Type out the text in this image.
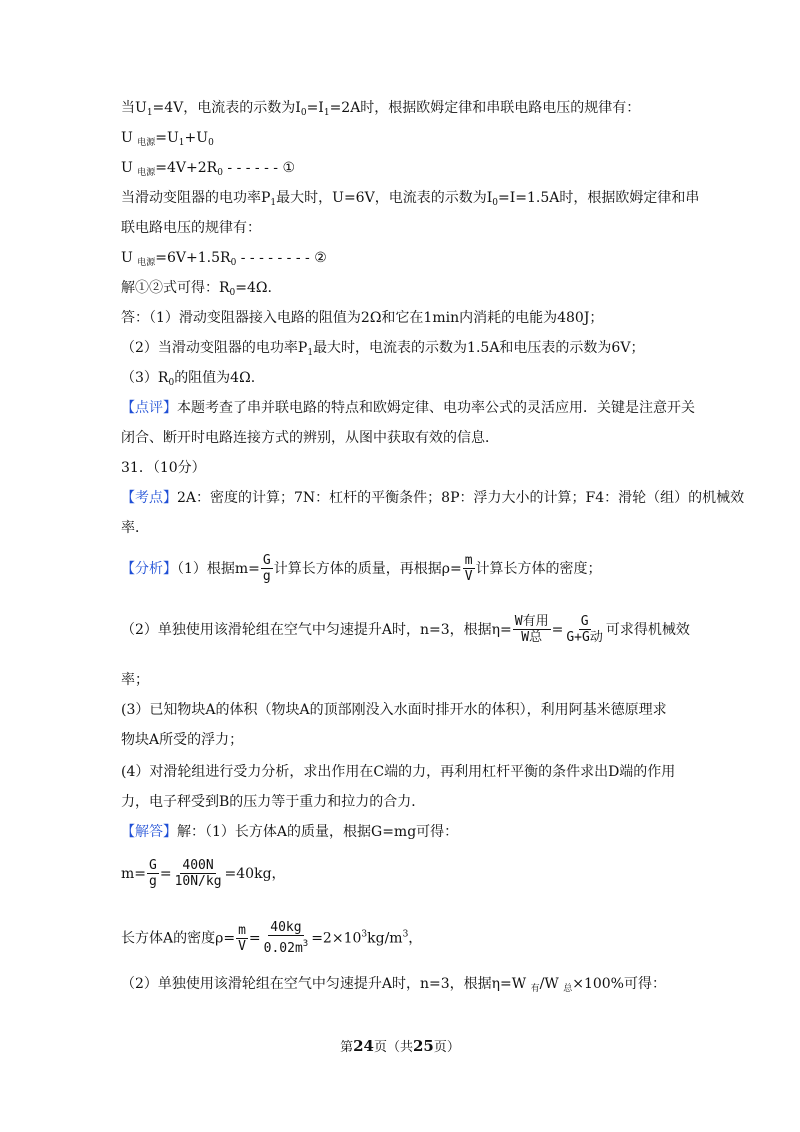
当$U_1=4V$，电流表的示数为$I_0=I_1=2A$时，根据欧姆定律和串联电路电压的规律有：
U $_{电源}=U_1+U_0$
U $_{电源}=4V+2R_0$ - - - - - - ①
当滑动变阻器的电功率$P_1$最大时，U=6V，电流表的示数为$I_0=I=1.5A$时，根据欧姆定律和串
联电路电压的规律有：
U $_{电源}=6V+1.5R_0$ - - - - - - - - ②
解①②式可得：$R_0=4\Omega$.
答：（1）滑动变阻器接入电路的阻值为2Ω和它在1min内消耗的电能为480J；
（2）当滑动变阻器的电功率$P_1$最大时，电流表的示数为1.5A和电压表的示数为6V；
$(3)R_0$的阻值为4Ω.
【点评】本题考查了串并联电路的特点和欧姆定律、电功率公式的灵活应用．关键是注意开关
闭合、断开时电路连接方式的辨别，从图中获取有效的信息．
31．（10分）
【考点】2A：密度的计算；7N：杠杆的平衡条件；8P：浮力大小的计算；F4：滑轮（组）的机械效
率．
【分析】（1）根据$m= \frac{G}{g}$ 计算长方体的质量，再根据$\rho= \frac{m}{V}$ 计算长方体的密度；
（2）单独使用该滑轮组在空气中匀速提升A时，n=3，根据$\eta= \frac{\text{W有用}}{\text{W总}} = \frac{G}{\text{G+G动}}$ 可求得机械效
率；
(3）已知物块A的体积（物块A的顶部刚没入水面时排开水的体积），利用阿基米德原理求
物块A所受的浮力；
(4）对滑轮组进行受力分析，求出作用在C端的力，再利用杠杆平衡的条件求出D端的作用
力，电子秤受到B的压力等于重力和拉力的合力．
【解答】解：（1）长方体A的质量，根据G=mg可得：
$m= \frac{G}{g} = \frac{400N}{10N/kg} =40kg$，
长方体A的密度$\rho= \frac{m}{V} = \frac{40kg}{0.02m^3} =2\times 10^3kg/m^3$，
（2）单独使用该滑轮组在空气中匀速提升A时，n=3，根据η=W $_有$/W $_总$×100%可得：
第24页（共25页）
